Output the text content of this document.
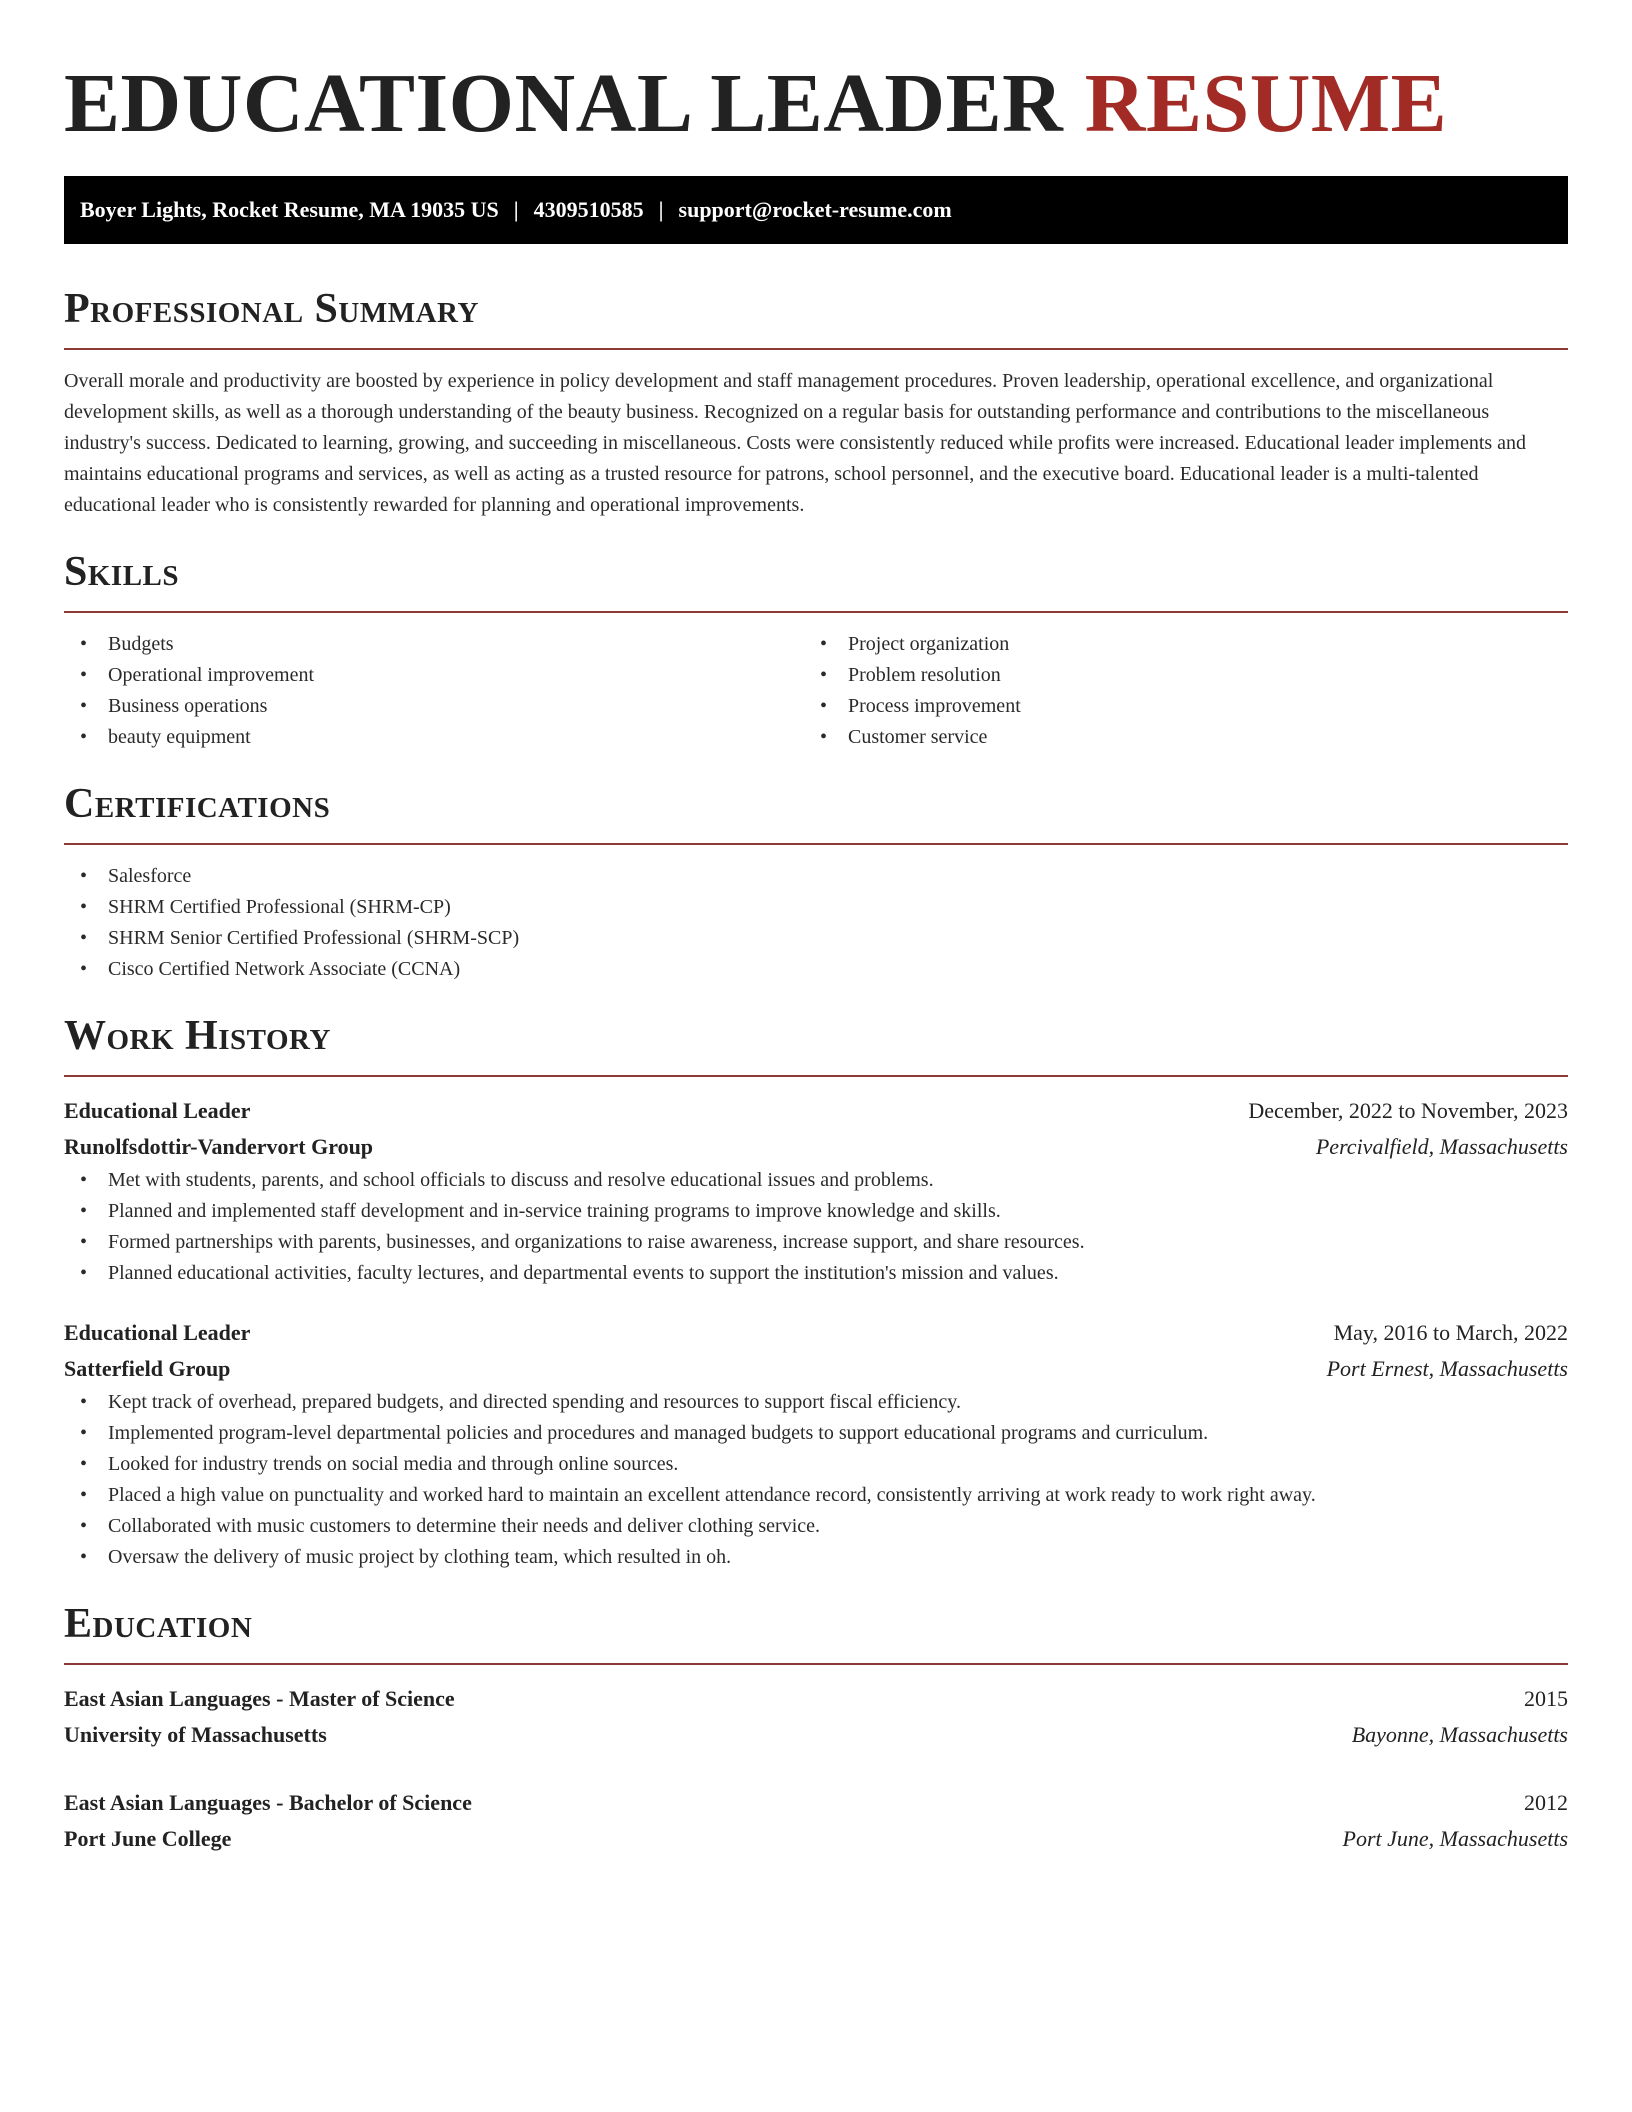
EDUCATIONAL LEADER RESUME
Boyer Lights, Rocket Resume, MA 19035 US | 4309510585 | support@rocket-resume.com
Professional Summary

Overall morale and productivity are boosted by experience in policy development and staff management procedures. Proven leadership, operational excellence, and organizational development skills, as well as a thorough understanding of the beauty business. Recognized on a regular basis for outstanding performance and contributions to the miscellaneous industry's success. Dedicated to learning, growing, and succeeding in miscellaneous. Costs were consistently reduced while profits were increased. Educational leader implements and maintains educational programs and services, as well as acting as a trusted resource for patrons, school personnel, and the executive board. Educational leader is a multi-talented educational leader who is consistently rewarded for planning and operational improvements.

Skills
• Budgets
• Operational improvement
• Business operations
• beauty equipment
• Project organization
• Problem resolution
• Process improvement
• Customer service
Certifications
• Salesforce
• SHRM Certified Professional (SHRM-CP)
• SHRM Senior Certified Professional (SHRM-SCP)
• Cisco Certified Network Associate (CCNA)
Work History
Educational Leader	December, 2022 to November, 2023
Runolfsdottir-Vandervort Group	Percivalfield, Massachusetts
• Met with students, parents, and school officials to discuss and resolve educational issues and problems.
• Planned and implemented staff development and in-service training programs to improve knowledge and skills.
• Formed partnerships with parents, businesses, and organizations to raise awareness, increase support, and share resources.
• Planned educational activities, faculty lectures, and departmental events to support the institution's mission and values.
Educational Leader	May, 2016 to March, 2022
Satterfield Group	Port Ernest, Massachusetts
• Kept track of overhead, prepared budgets, and directed spending and resources to support fiscal efficiency.
• Implemented program-level departmental policies and procedures and managed budgets to support educational programs and curriculum.
• Looked for industry trends on social media and through online sources.
• Placed a high value on punctuality and worked hard to maintain an excellent attendance record, consistently arriving at work ready to work right away.
• Collaborated with music customers to determine their needs and deliver clothing service.
• Oversaw the delivery of music project by clothing team, which resulted in oh.
Education
East Asian Languages - Master of Science	2015
University of Massachusetts	Bayonne, Massachusetts
East Asian Languages - Bachelor of Science	2012
Port June College	Port June, Massachusetts
